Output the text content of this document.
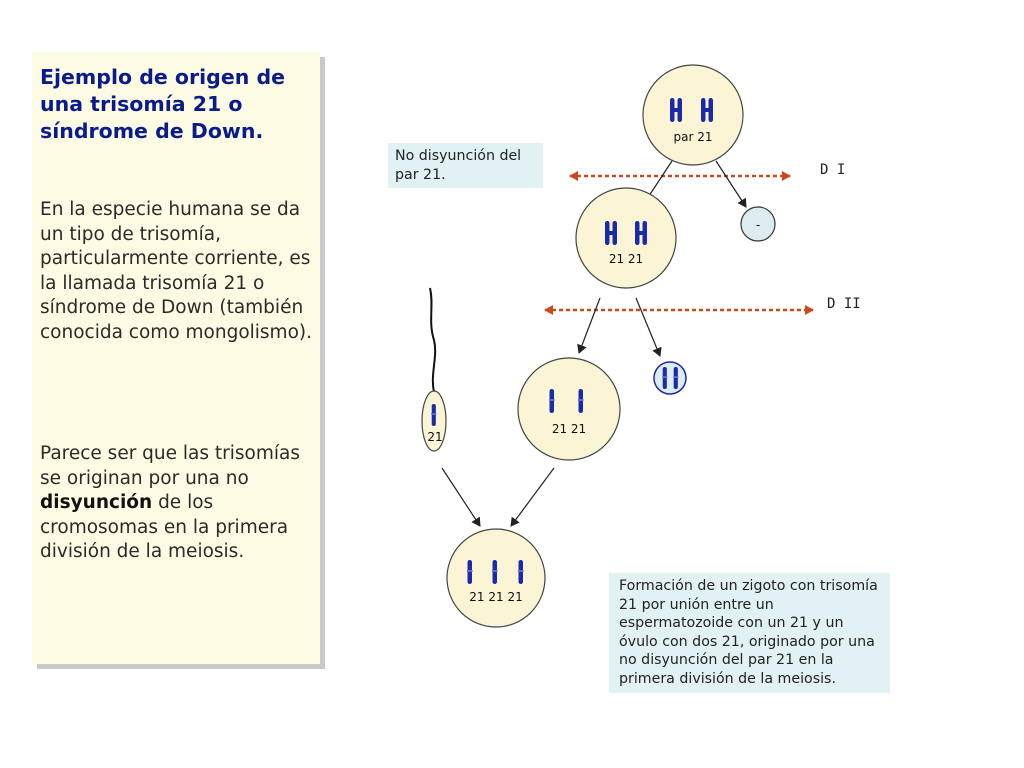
Ejemplo de origen de una trisomía 21 o síndrome de Down.

En la especie humana se da un tipo de trisomía, particularmente corriente, es la llamada trisomía 21 o síndrome de Down (también conocida como mongolismo).

Parece ser que las trisomías se originan por una no disyunción de los cromosomas en la primera división de la meiosis.

par 21
D I
-
21 21
D II
21 21
21
21 21 21

No disyunción del par 21.

Formación de un zigoto con trisomía 21 por unión entre un espermatozoide con un 21 y un óvulo con dos 21, originado por una no disyunción del par 21 en la primera división de la meiosis.
